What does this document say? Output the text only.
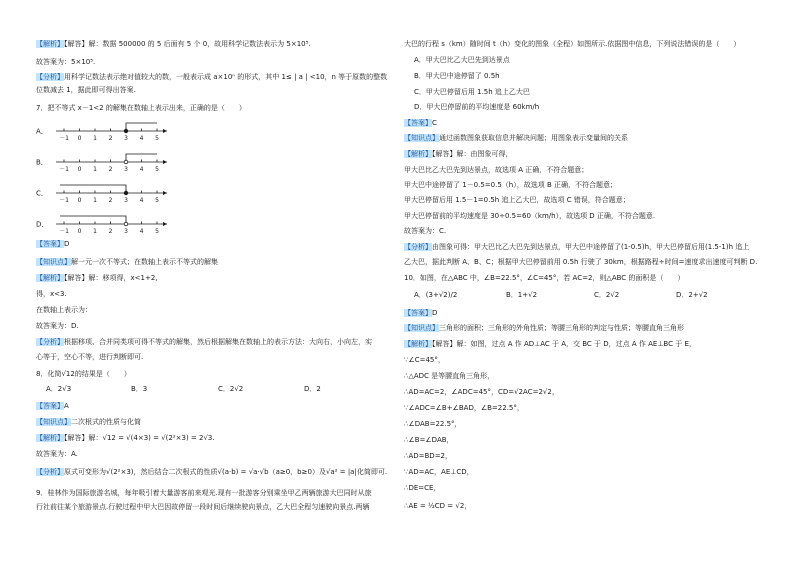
【解析】【解答】解：数据 500000 的 5 后面有 5 个 0，故用科学记数法表示为 5×10⁵.
故答案为：5×10⁵.
【分析】用科学记数法表示绝对值较大的数，一般表示成 a×10ⁿ 的形式，其中 1≤ | a | <10，n 等于原数的整数
位数减去 1，据此即可得出答案.
7．把不等式 x－1<2 的解集在数轴上表示出来，正确的是（　　）
A．
－1 0 1 2 3 4 5
B．
－1 0 1 2 3 4 5
C．
－1 0 1 2 3 4 5
D．
－1 0 1 2 3 4 5
【答案】D
【知识点】解一元一次不等式；在数轴上表示不等式的解集
【解析】【解答】解：移项得，x<1+2,
得，x<3.
在数轴上表示为：
故答案为：D.
【分析】根据移项、合并同类项可得不等式的解集，然后根据解集在数轴上的表示方法：大向右，小向左，实
心等于，空心不等，进行判断即可.
8．化简√12的结果是（　　）
A．2√3	B．3	C．2√2	D．2
【答案】A
【知识点】二次根式的性质与化简
【解析】【解答】解：√12 = √(4×3) = √(2²×3) = 2√3.
故答案为：A.
【分析】原式可变形为√(2²×3)，然后结合二次根式的性质√(a·b) = √a·√b（a≥0，b≥0）及√a² = |a|化简即可.
9．桂林作为国际旅游名城，每年吸引着大量游客前来观光.现有一批游客分别乘坐甲乙两辆旅游大巴同时从旅
行社前往某个旅游景点.行驶过程中甲大巴因故停留一段时间后继续驶向景点，乙大巴全程匀速驶向景点.两辆
大巴的行程 s（km）随时间 t（h）变化的图象（全程）如图所示.依据图中信息，下列说法错误的是（　　）
A．甲大巴比乙大巴先到达景点
B．甲大巴中途停留了 0.5h
C．甲大巴停留后用 1.5h 追上乙大巴
D．甲大巴停留前的平均速度是 60km/h
【答案】C
【知识点】通过函数图象获取信息并解决问题；用图象表示变量间的关系
【解析】【解答】解：由图象可得，
甲大巴比乙大巴先到达景点，故选项 A 正确，不符合题意；
甲大巴中途停留了 1－0.5=0.5（h），故选项 B 正确，不符合题意；
甲大巴停留后用 1.5－1=0.5h 追上乙大巴，故选项 C 错误，符合题意；
甲大巴停留前的平均速度是 30÷0.5=60（km/h），故选项 D 正确，不符合题意.
故答案为：C.
【分析】由图象可得：甲大巴比乙大巴先到达景点，甲大巴中途停留了(1-0.5)h，甲大巴停留后用(1.5-1)h 追上
乙大巴，据此判断 A、B、C；根据甲大巴停留前用 0.5h 行驶了 30km，根据路程÷时间=速度求出速度可判断 D.
10．如图，在△ABC 中，∠B=22.5°，∠C=45°，若 AC=2，则△ABC 的面积是（　　）
A．(3+√2)/2	B．1+√2	C．2√2	D．2+√2
【答案】D
【知识点】三角形的面积；三角形的外角性质；等腰三角形的判定与性质；等腰直角三角形
【解析】【解答】解：如图，过点 A 作 AD⊥AC 于 A，交 BC 于 D，过点 A 作 AE⊥BC 于 E，
∵∠C=45°，
∴△ADC 是等腰直角三角形，
∴AD=AC=2，∠ADC=45°，CD=√2AC=2√2，
∵∠ADC=∠B+∠BAD，∠B=22.5°，
∴∠DAB=22.5°，
∴∠B=∠DAB，
∴AD=BD=2，
∵AD=AC，AE⊥CD，
∴DE=CE，
∴AE = ½CD = √2，
